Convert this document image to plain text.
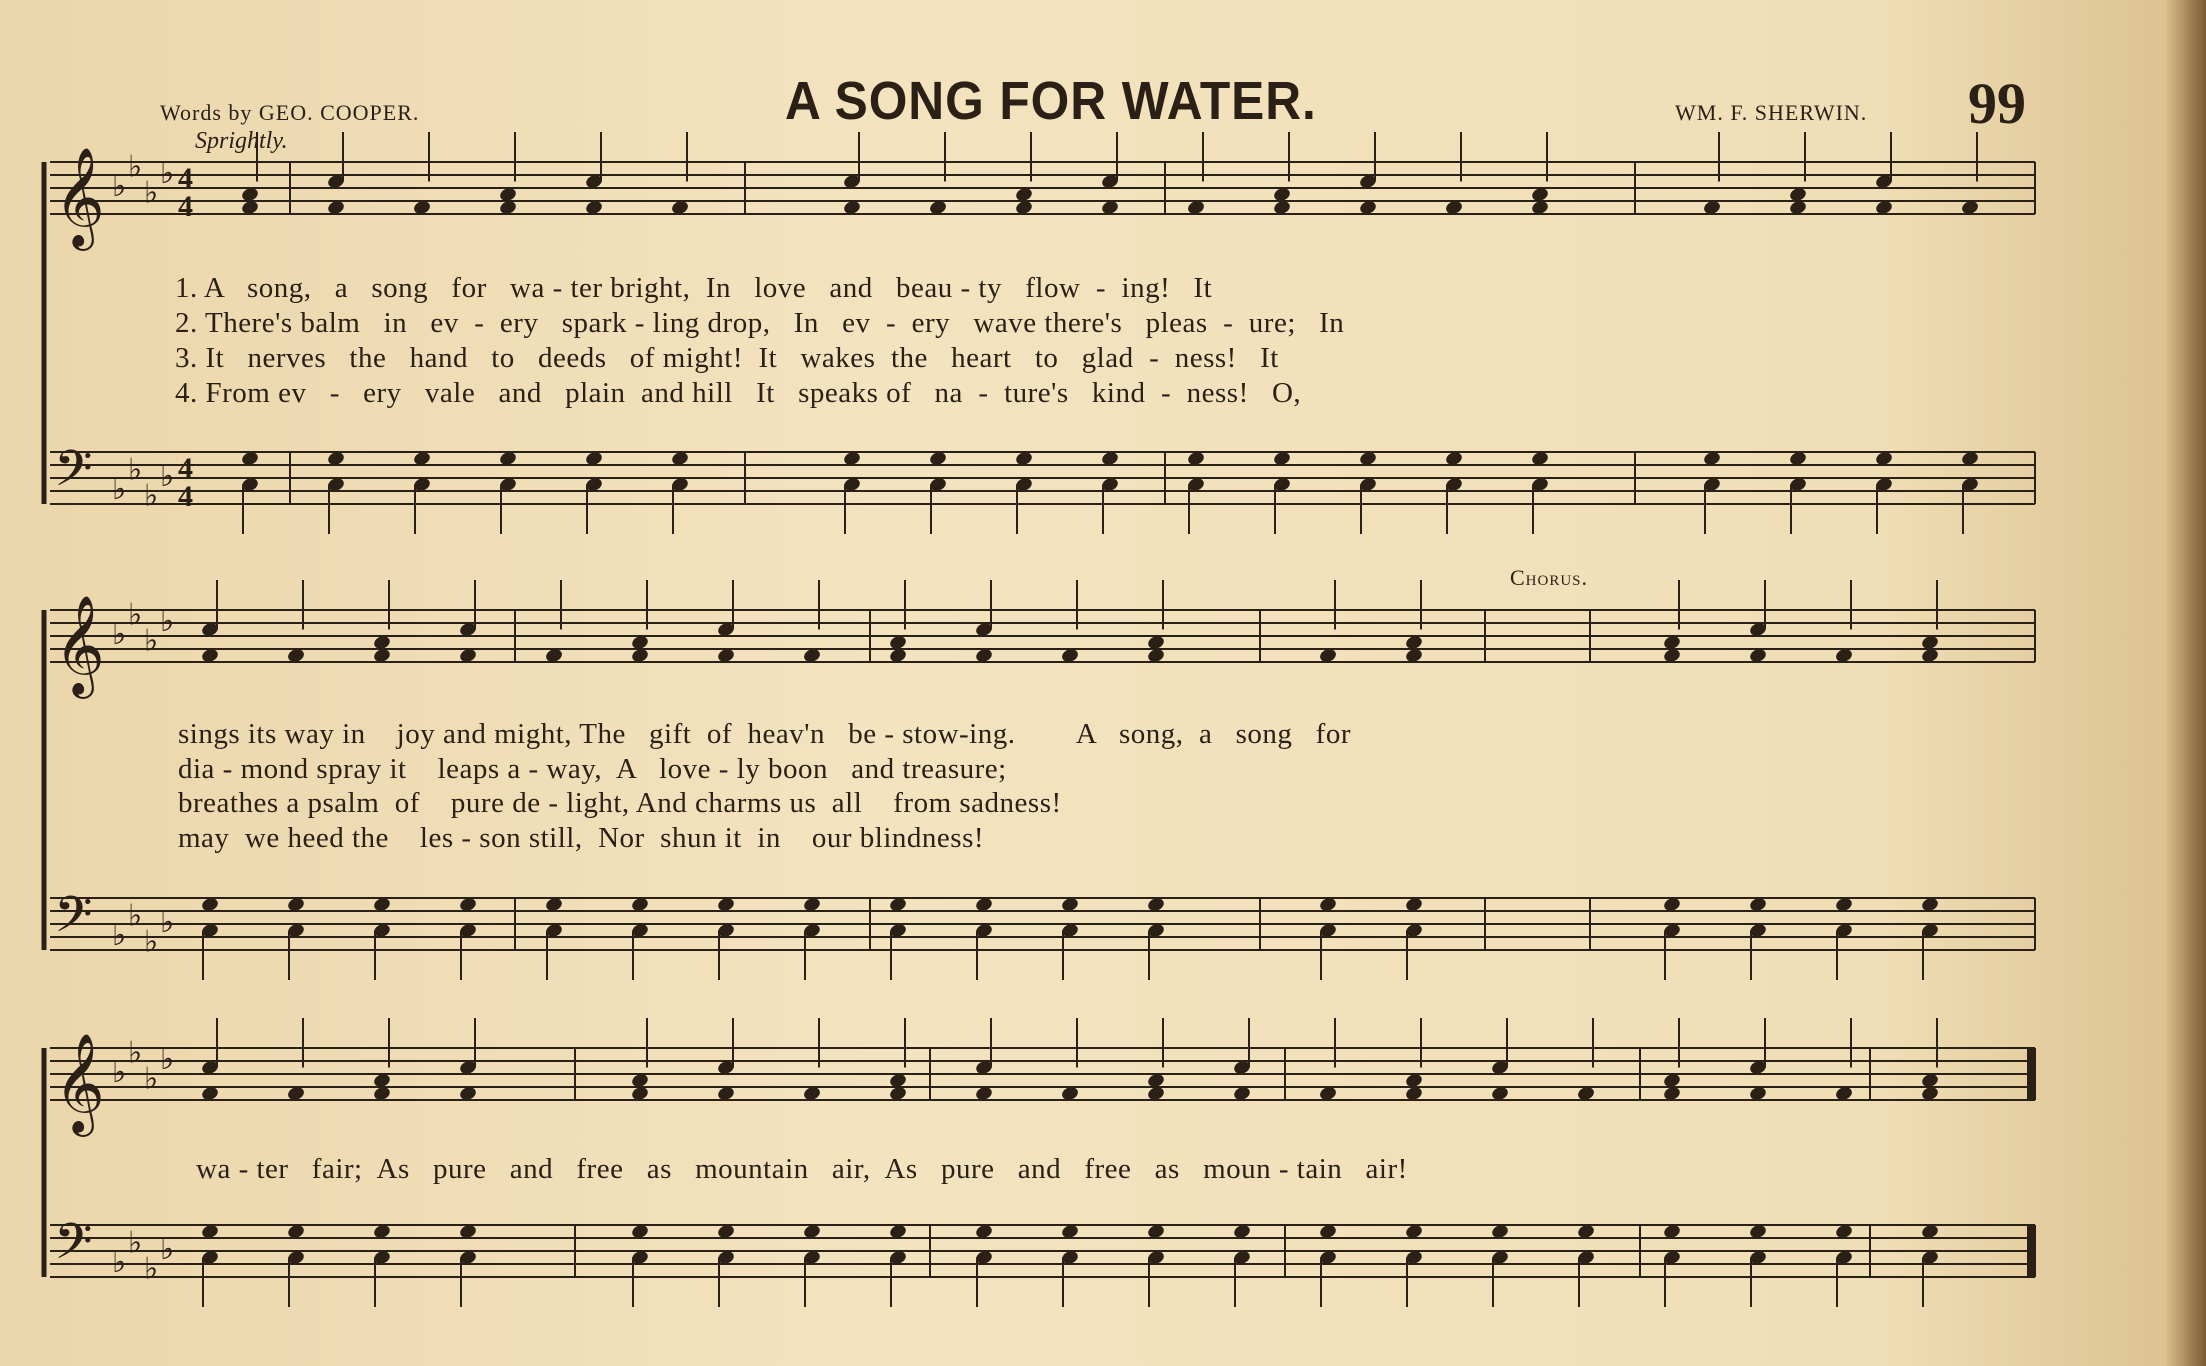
Words by GEO. COOPER.	A SONG FOR WATER.	WM. F. SHERWIN. 99
Sprightly.
Chorus.
𝄞 ♭
♭
♭
♭ 4
4
𝄢 ♭
♭
♭
♭ 4
4
𝄞 ♭
♭
♭
♭
𝄢 ♭
♭
♭
♭
𝄞 ♭
♭
♭
♭
𝄢 ♭
♭
♭
♭
1. A   song,   a   song   for   wa - ter bright,  In   love   and   beau - ty   flow  -  ing!   It
2. There's balm   in   ev  -  ery   spark - ling drop,   In   ev  -  ery   wave there's   pleas  -  ure;   In
3. It   nerves   the   hand   to   deeds   of might!  It   wakes  the   heart   to   glad  -  ness!   It
4. From ev   -   ery   vale   and   plain  and hill   It   speaks of   na  -  ture's   kind  -  ness!   O,
sings its way in    joy and might, The   gift  of  heav'n   be - stow-ing.        A   song,  a   song   for
dia - mond spray it    leaps a - way,  A   love - ly boon   and treasure;
breathes a psalm  of    pure de - light, And charms us  all    from sadness!
may  we heed the    les - son still,  Nor  shun it  in    our blindness!
wa - ter   fair;  As   pure   and   free   as   mountain   air,  As   pure   and   free   as   moun - tain   air!
